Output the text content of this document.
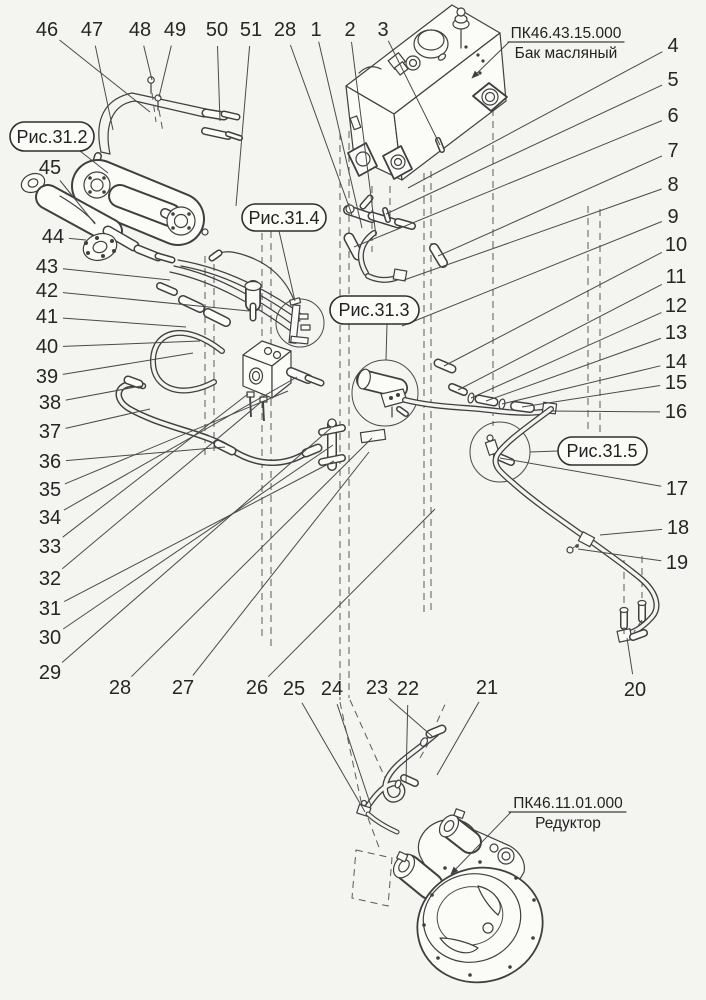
1 2 3
4
5
6
7
8
9
10
11
12
13
14
15
16
17
18
19
20
21
22
23
24
25
26
27
28
28
29
30
31
32
33
34
35
36
37
38
39
40
41
42
43
44
45
46 47 48 49 50 51
Рис.31.2
Рис.31.4
Рис.31.3
Рис.31.5
ПК46.43.15.000
Бак масляный
ПК46.11.01.000
Редуктор
